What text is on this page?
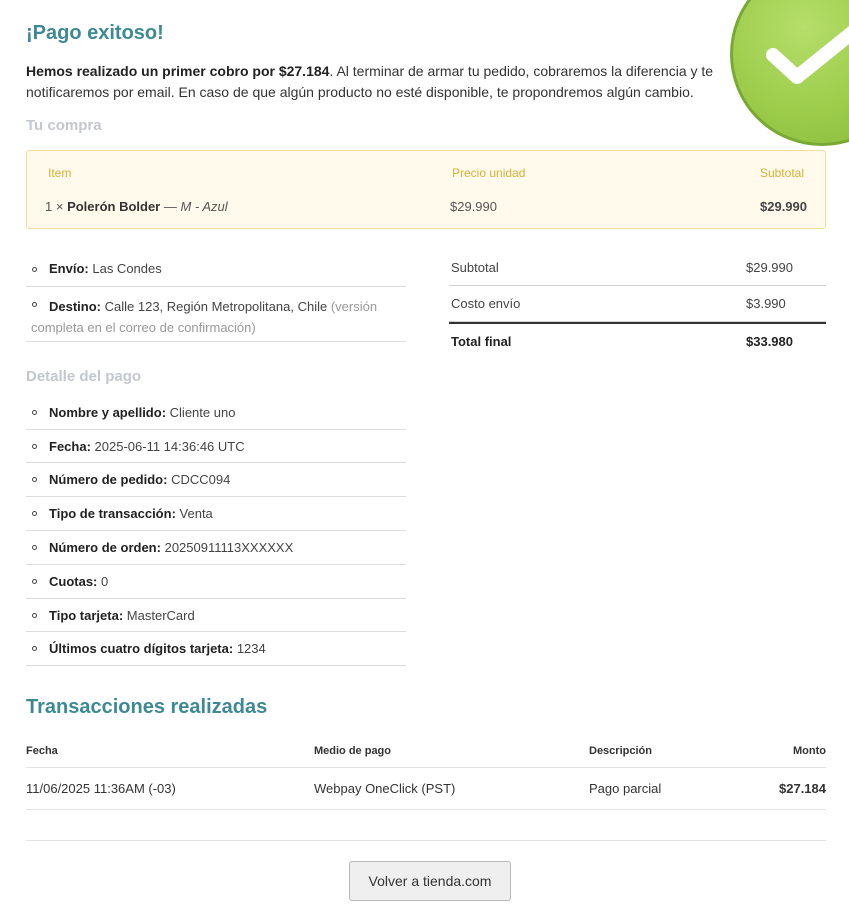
¡Pago exitoso!

Hemos realizado un primer cobro por $27.184. Al terminar de armar tu pedido, cobraremos la diferencia y te notificaremos por email. En caso de que algún producto no esté disponible, te propondremos algún cambio.

Tu compra
Item	Precio unidad	Subtotal
1 × Polerón Bolder — M - Azul	$29.990	$29.990
Envío: Las Condes
Destino: Calle 123, Región Metropolitana, Chile (versión completa en el correo de confirmación)
Subtotal	$29.990
Costo envío	$3.990
Total final	$33.980
Detalle del pago
Nombre y apellido: Cliente uno
Fecha: 2025-06-11 14:36:46 UTC
Número de pedido: CDCC094
Tipo de transacción: Venta
Número de orden: 20250911113XXXXXX
Cuotas: 0
Tipo tarjeta: MasterCard
Últimos cuatro dígitos tarjeta: 1234
Transacciones realizadas
Fecha	Medio de pago	Descripción	Monto
11/06/2025 11:36AM (-03)	Webpay OneClick (PST)	Pago parcial	$27.184
Volver a tienda.com
